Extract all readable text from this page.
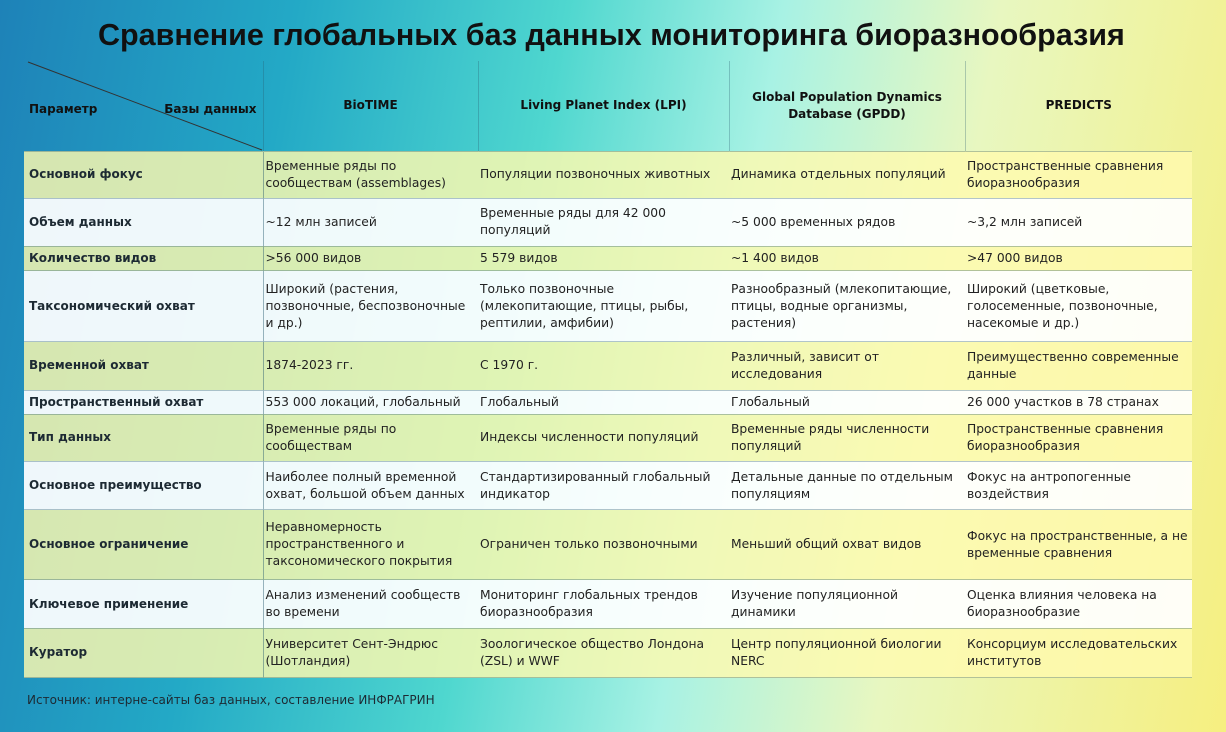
Сравнение глобальных баз данных мониторинга биоразнообразия
Параметр Базы данных	BioTIME	Living Planet Index (LPI)	Global Population Dynamics Database (GPDD)	PREDICTS
Основной фокус	Временные ряды по сообществам (assemblages)	Популяции позвоночных животных	Динамика отдельных популяций	Пространственные сравнения биоразнообразия
Объем данных	~12 млн записей	Временные ряды для 42 000 популяций	~5 000 временных рядов	~3,2 млн записей
Количество видов	>56 000 видов	5 579 видов	~1 400 видов	>47 000 видов
Таксономический охват	Широкий (растения, позвоночные, беспозвоночные и др.)	Только позвоночные (млекопитающие, птицы, рыбы, рептилии, амфибии)	Разнообразный (млекопитающие, птицы, водные организмы, растения)	Широкий (цветковые, голосеменные, позвоночные, насекомые и др.)
Временной охват	1874-2023 гг.	С 1970 г.	Различный, зависит от исследования	Преимущественно современные данные
Пространственный охват	553 000 локаций, глобальный	Глобальный	Глобальный	26 000 участков в 78 странах
Тип данных	Временные ряды по сообществам	Индексы численности популяций	Временные ряды численности популяций	Пространственные сравнения биоразнообразия
Основное преимущество	Наиболее полный временной охват, большой объем данных	Стандартизированный глобальный индикатор	Детальные данные по отдельным популяциям	Фокус на антропогенные воздействия
Основное ограничение	Неравномерность пространственного и таксономического покрытия	Ограничен только позвоночными	Меньший общий охват видов	Фокус на пространственные, а не временные сравнения
Ключевое применение	Анализ изменений сообществ во времени	Мониторинг глобальных трендов биоразнообразия	Изучение популяционной динамики	Оценка влияния человека на биоразнообразие
Куратор	Университет Сент-Эндрюс (Шотландия)	Зоологическое общество Лондона (ZSL) и WWF	Центр популяционной биологии NERC	Консорциум исследовательских институтов
Источник: интерне-сайты баз данных, составление ИНФРАГРИН
